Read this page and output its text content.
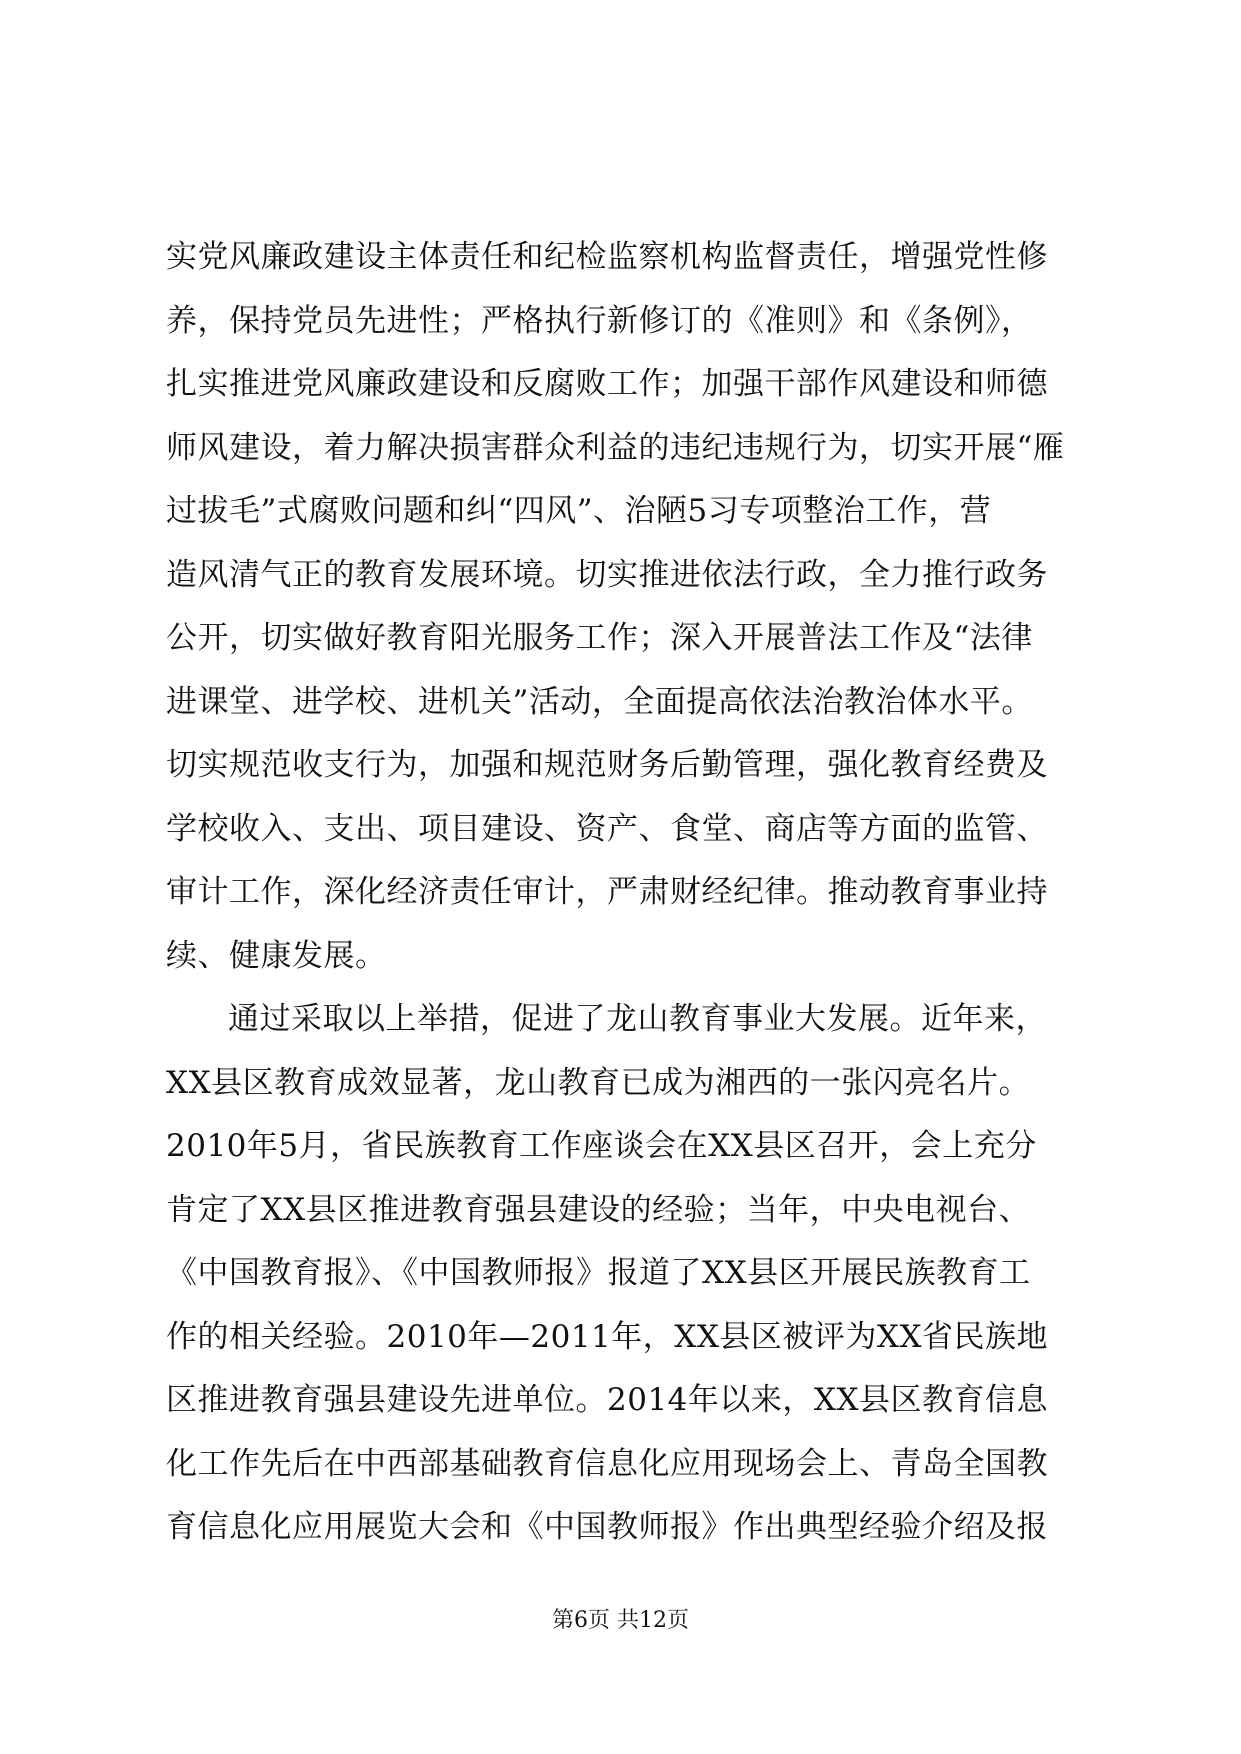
实党风廉政建设主体责任和纪检监察机构监督责任，增强党性修
养，保持党员先进性；严格执行新修订的《准则》和《条例》，
扎实推进党风廉政建设和反腐败工作；加强干部作风建设和师德
师风建设，着力解决损害群众利益的违纪违规行为，切实开展“雁
过拔毛”式腐败问题和纠“四风”、治陋5习专项整治工作，营
造风清气正的教育发展环境。切实推进依法行政，全力推行政务
公开，切实做好教育阳光服务工作；深入开展普法工作及“法律
进课堂、进学校、进机关”活动，全面提高依法治教治体水平。
切实规范收支行为，加强和规范财务后勤管理，强化教育经费及
学校收入、支出、项目建设、资产、食堂、商店等方面的监管、
审计工作，深化经济责任审计，严肃财经纪律。推动教育事业持
续、健康发展。
通过采取以上举措，促进了龙山教育事业大发展。近年来，
XX县区教育成效显著，龙山教育已成为湘西的一张闪亮名片。
2010年5月，省民族教育工作座谈会在XX县区召开，会上充分
肯定了XX县区推进教育强县建设的经验；当年，中央电视台、
《中国教育报》、《中国教师报》报道了XX县区开展民族教育工
作的相关经验。2010年—2011年，XX县区被评为XX省民族地
区推进教育强县建设先进单位。2014年以来，XX县区教育信息
化工作先后在中西部基础教育信息化应用现场会上、青岛全国教
育信息化应用展览大会和《中国教师报》作出典型经验介绍及报
第6页 共12页
